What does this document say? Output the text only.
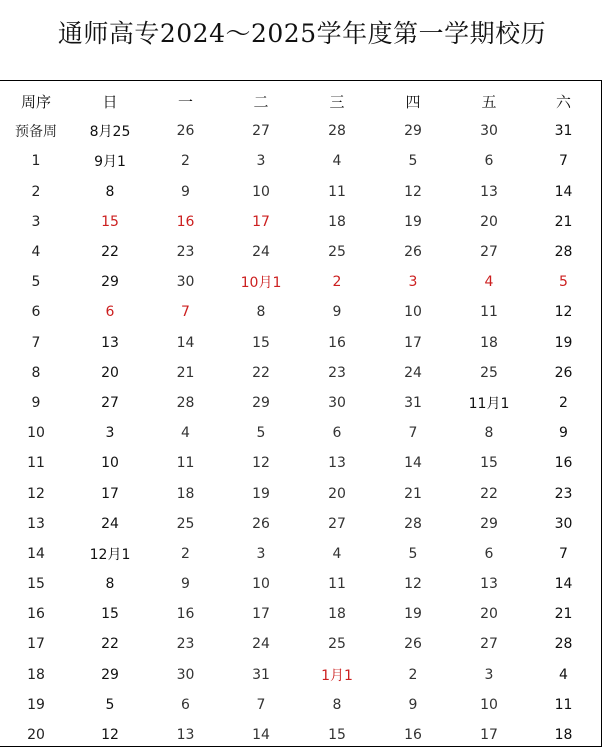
通师高专2024～2025学年度第一学期校历
周序	日	一	二	三	四	五	六
预备周	8月25	26	27	28	29	30	31
1	9月1	2	3	4	5	6	7
2	8	9	10	11	12	13	14
3	15	16	17	18	19	20	21
4	22	23	24	25	26	27	28
5	29	30	10月1	2	3	4	5
6	6	7	8	9	10	11	12
7	13	14	15	16	17	18	19
8	20	21	22	23	24	25	26
9	27	28	29	30	31	11月1	2
10	3	4	5	6	7	8	9
11	10	11	12	13	14	15	16
12	17	18	19	20	21	22	23
13	24	25	26	27	28	29	30
14	12月1	2	3	4	5	6	7
15	8	9	10	11	12	13	14
16	15	16	17	18	19	20	21
17	22	23	24	25	26	27	28
18	29	30	31	1月1	2	3	4
19	5	6	7	8	9	10	11
20	12	13	14	15	16	17	18
